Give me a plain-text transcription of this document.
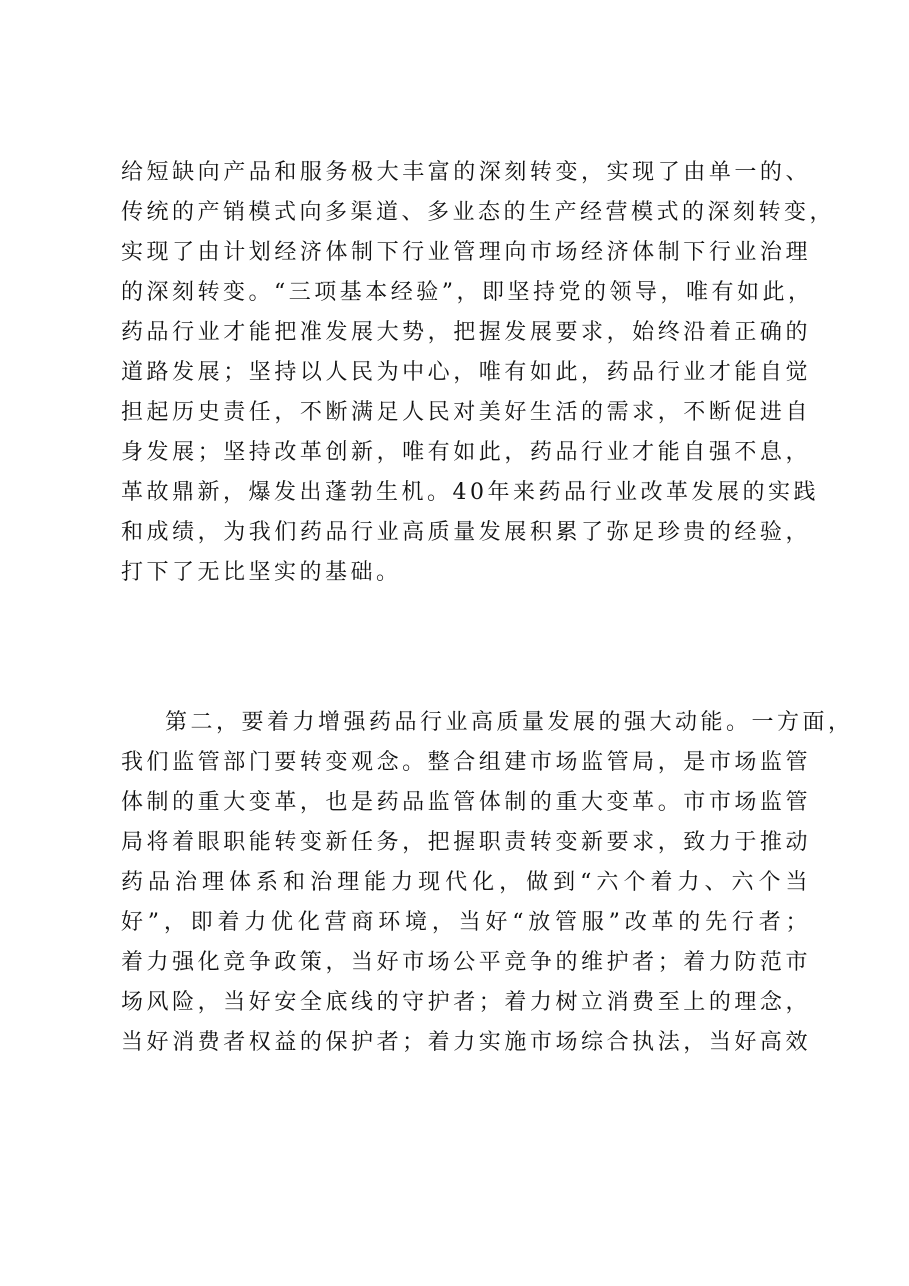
给短缺向产品和服务极大丰富的深刻转变，实现了由单一的、
传统的产销模式向多渠道、多业态的生产经营模式的深刻转变，
实现了由计划经济体制下行业管理向市场经济体制下行业治理
的深刻转变。“三项基本经验”，即坚持党的领导，唯有如此，
药品行业才能把准发展大势，把握发展要求，始终沿着正确的
道路发展；坚持以人民为中心，唯有如此，药品行业才能自觉
担起历史责任，不断满足人民对美好生活的需求，不断促进自
身发展；坚持改革创新，唯有如此，药品行业才能自强不息，
革故鼎新，爆发出蓬勃生机。40年来药品行业改革发展的实践
和成绩，为我们药品行业高质量发展积累了弥足珍贵的经验，
打下了无比坚实的基础。
第二，要着力增强药品行业高质量发展的强大动能。一方面，
我们监管部门要转变观念。整合组建市场监管局，是市场监管
体制的重大变革，也是药品监管体制的重大变革。市市场监管
局将着眼职能转变新任务，把握职责转变新要求，致力于推动
药品治理体系和治理能力现代化，做到“六个着力、六个当
好”，即着力优化营商环境，当好“放管服”改革的先行者；
着力强化竞争政策，当好市场公平竞争的维护者；着力防范市
场风险，当好安全底线的守护者；着力树立消费至上的理念，
当好消费者权益的保护者；着力实施市场综合执法，当好高效
